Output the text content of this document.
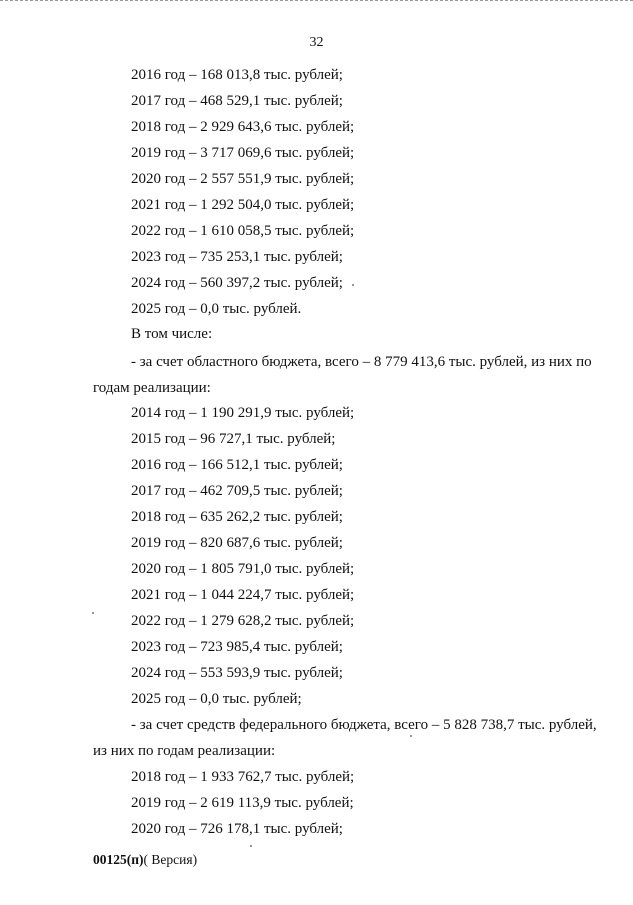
32
2016 год – 168 013,8 тыс. рублей;
2017 год – 468 529,1 тыс. рублей;
2018 год – 2 929 643,6 тыс. рублей;
2019 год – 3 717 069,6 тыс. рублей;
2020 год – 2 557 551,9 тыс. рублей;
2021 год – 1 292 504,0 тыс. рублей;
2022 год – 1 610 058,5 тыс. рублей;
2023 год – 735 253,1 тыс. рублей;
2024 год – 560 397,2 тыс. рублей;
2025 год – 0,0 тыс. рублей.
В том числе:
- за счет областного бюджета, всего – 8 779 413,6 тыс. рублей, из них по
годам реализации:
2014 год – 1 190 291,9 тыс. рублей;
2015 год – 96 727,1 тыс. рублей;
2016 год – 166 512,1 тыс. рублей;
2017 год – 462 709,5 тыс. рублей;
2018 год – 635 262,2 тыс. рублей;
2019 год – 820 687,6 тыс. рублей;
2020 год – 1 805 791,0 тыс. рублей;
2021 год – 1 044 224,7 тыс. рублей;
2022 год – 1 279 628,2 тыс. рублей;
2023 год – 723 985,4 тыс. рублей;
2024 год – 553 593,9 тыс. рублей;
2025 год – 0,0 тыс. рублей;
- за счет средств федерального бюджета, всего – 5 828 738,7 тыс. рублей,
из них по годам реализации:
2018 год – 1 933 762,7 тыс. рублей;
2019 год – 2 619 113,9 тыс. рублей;
2020 год – 726 178,1 тыс. рублей;
00125(п)( Версия)
